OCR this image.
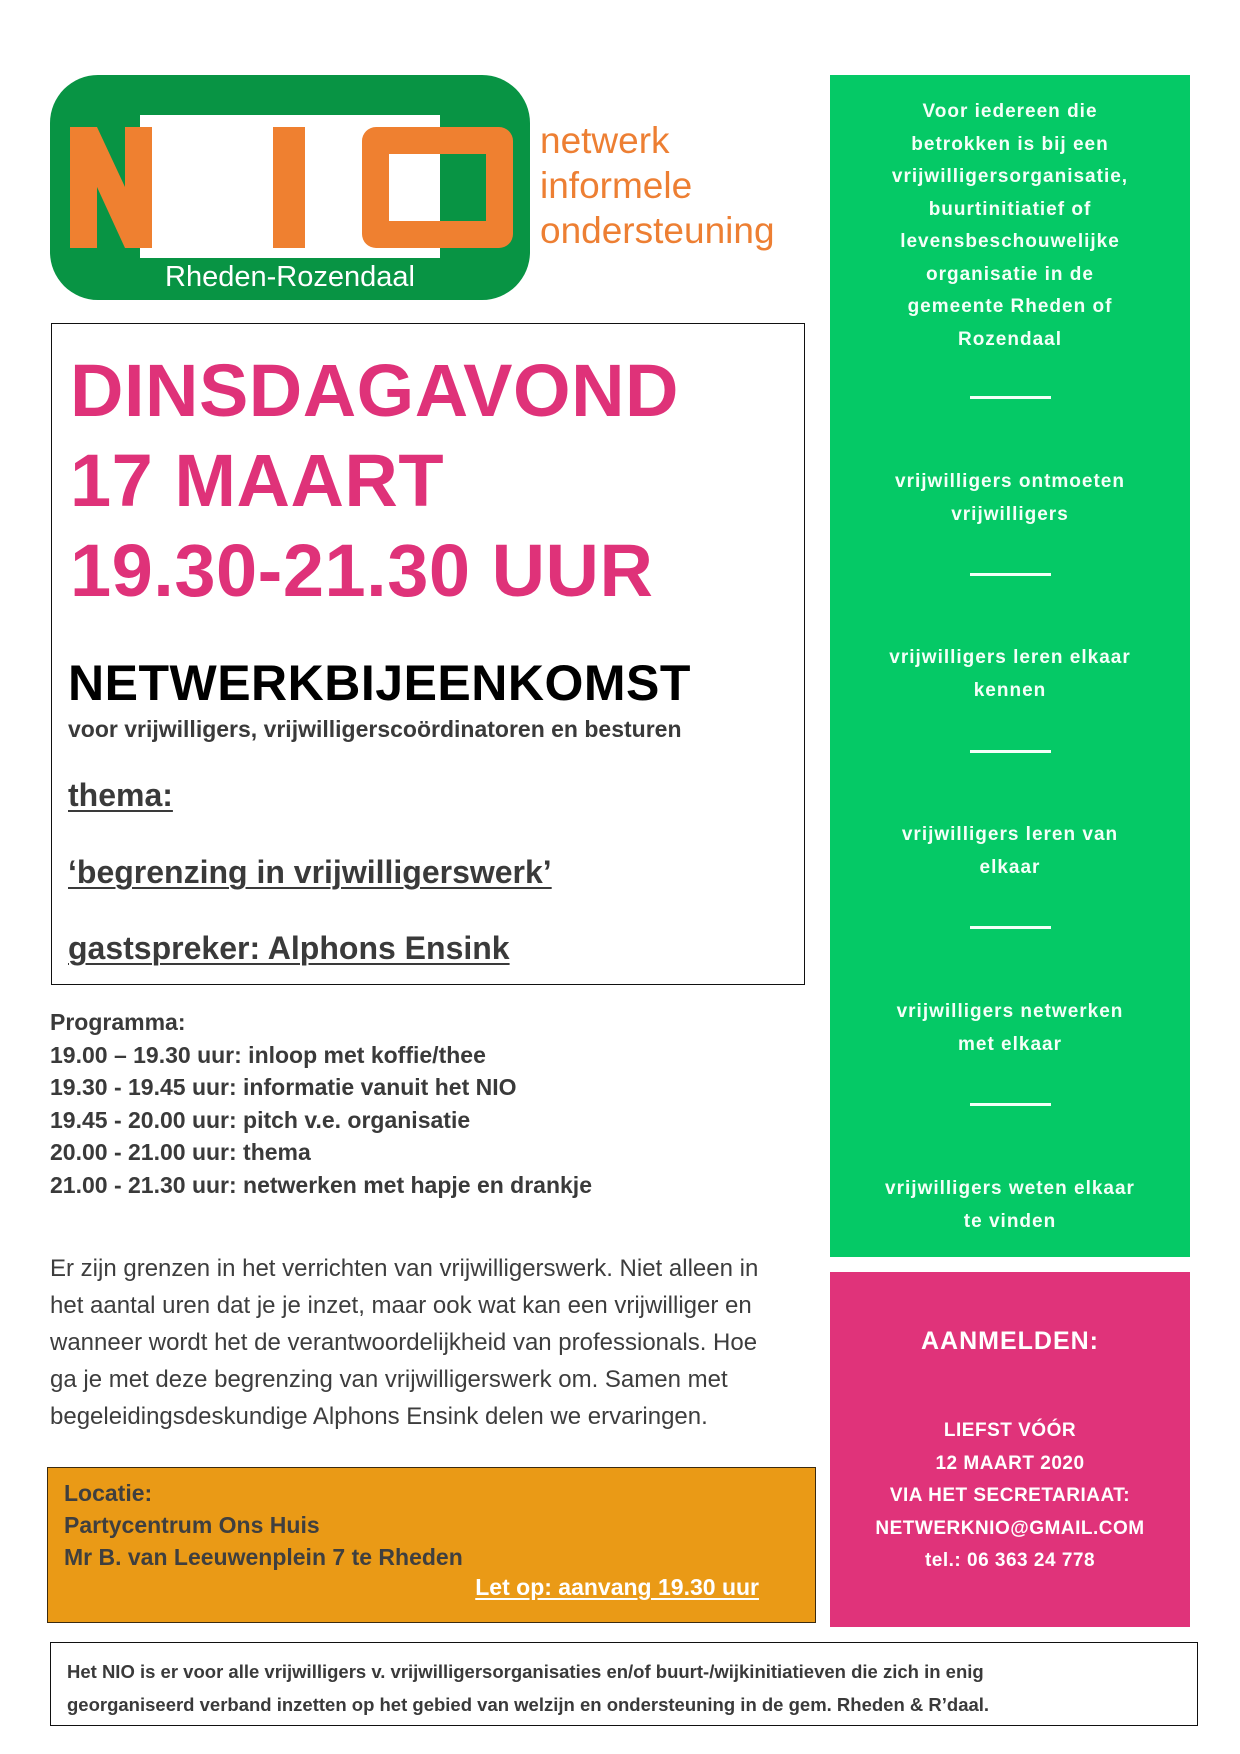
Rheden-Rozendaal
netwerk
informele
ondersteuning
DINSDAGAVOND
17 MAART
19.30-21.30 UUR
NETWERKBIJEENKOMST
voor vrijwilligers, vrijwilligerscoördinatoren en besturen
thema:
‘begrenzing in vrijwilligerswerk’
gastspreker: Alphons Ensink
Programma:
19.00 – 19.30 uur: inloop met koffie/thee
19.30 - 19.45 uur: informatie vanuit het NIO
19.45 - 20.00 uur: pitch v.e. organisatie
20.00 - 21.00 uur: thema
21.00 - 21.30 uur: netwerken met hapje en drankje
Er zijn grenzen in het verrichten van vrijwilligerswerk. Niet alleen in
het aantal uren dat je je inzet, maar ook wat kan een vrijwilliger en
wanneer wordt het de verantwoordelijkheid van professionals. Hoe
ga je met deze begrenzing van vrijwilligerswerk om. Samen met
begeleidingsdeskundige Alphons Ensink delen we ervaringen.
Locatie:
Partycentrum Ons Huis
Mr B. van Leeuwenplein 7 te Rheden
Let op: aanvang 19.30 uur
Voor iedereen die
betrokken is bij een
vrijwilligersorganisatie,
buurtinitiatief of
levensbeschouwelijke
organisatie in de
gemeente Rheden of
Rozendaal
vrijwilligers ontmoeten
vrijwilligers
vrijwilligers leren elkaar
kennen
vrijwilligers leren van
elkaar
vrijwilligers netwerken
met elkaar
vrijwilligers weten elkaar
te vinden
AANMELDEN:
LIEFST VÓÓR
12 MAART 2020
VIA HET SECRETARIAAT:
NETWERKNIO@GMAIL.COM
tel.: 06 363 24 778
Het NIO is er voor alle vrijwilligers v. vrijwilligersorganisaties en/of buurt-/wijkinitiatieven die zich in enig
georganiseerd verband inzetten op het gebied van welzijn en ondersteuning in de gem. Rheden & R’daal.
